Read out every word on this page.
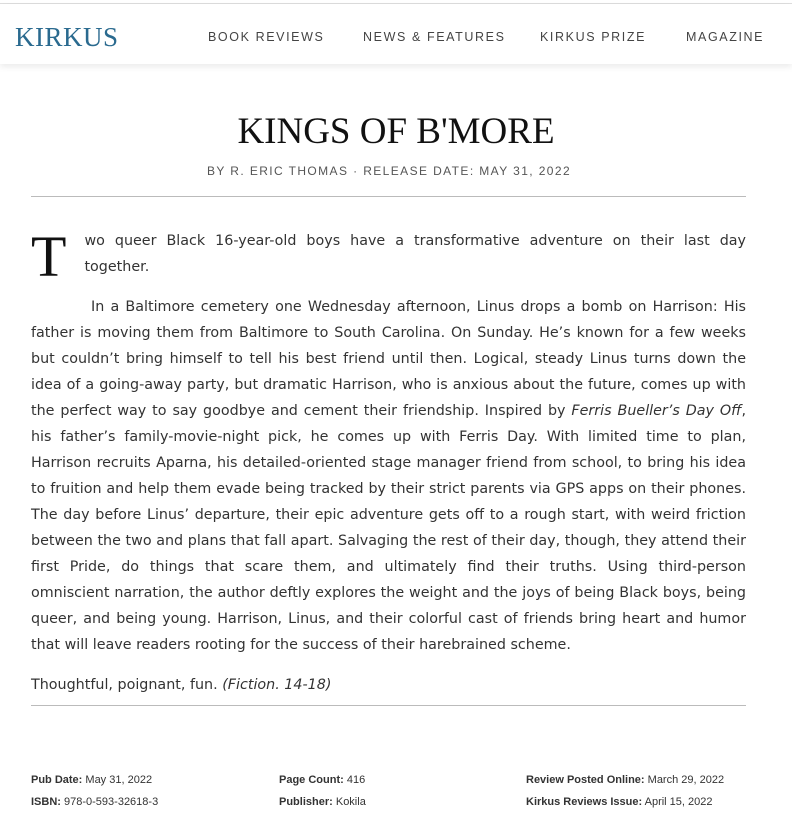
KIRKUS	BOOK REVIEWS	NEWS & FEATURES	KIRKUS PRIZE	MAGAZINE
KINGS OF B'MORE
BY R. ERIC THOMAS · RELEASE DATE: MAY 31, 2022

T wo queer Black 16-year-old boys have a transformative adventure on their last day together.

In a Baltimore cemetery one Wednesday afternoon, Linus drops a bomb on Harrison: His father is moving them from Baltimore to South Carolina. On Sunday. He’s known for a few weeks but couldn’t bring himself to tell his best friend until then. Logical, steady Linus turns down the idea of a going-away party, but dramatic Harrison, who is anxious about the future, comes up with the perfect way to say goodbye and cement their friendship. Inspired by Ferris Bueller’s Day Off, his father’s family-movie-night pick, he comes up with Ferris Day. With limited time to plan, Harrison recruits Aparna, his detailed-oriented stage manager friend from school, to bring his idea to fruition and help them evade being tracked by their strict parents via GPS apps on their phones. The day before Linus’ departure, their epic adventure gets off to a rough start, with weird friction between the two and plans that fall apart. Salvaging the rest of their day, though, they attend their first Pride, do things that scare them, and ultimately find their truths. Using third-person omniscient narration, the author deftly explores the weight and the joys of being Black boys, being queer, and being young. Harrison, Linus, and their colorful cast of friends bring heart and humor that will leave readers rooting for the success of their harebrained scheme.

Thoughtful, poignant, fun. (Fiction. 14-18)

Pub Date: May 31, 2022
ISBN: 978-0-593-32618-3
Page Count: 416
Publisher: Kokila
Review Posted Online: March 29, 2022
Kirkus Reviews Issue: April 15, 2022
